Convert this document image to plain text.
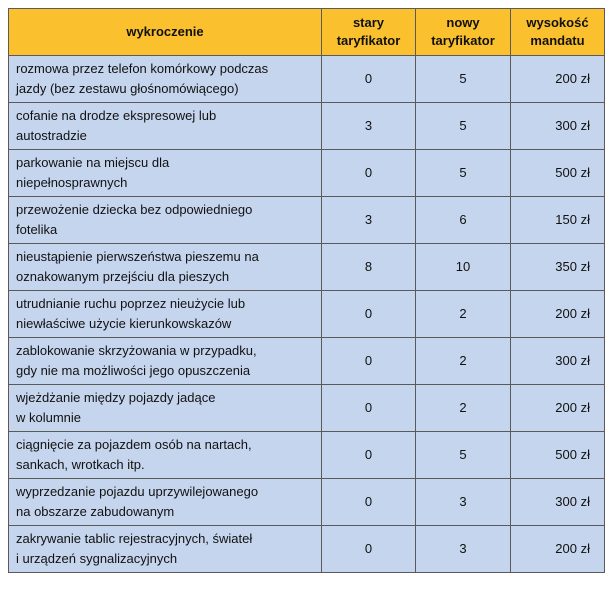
wykroczenie	stary taryfikator	nowy taryfikator	wysokość mandatu
rozmowa przez telefon komórkowy podczas
jazdy (bez zestawu głośnomówiącego)	0	5	200 zł
cofanie na drodze ekspresowej lub
autostradzie	3	5	300 zł
parkowanie na miejscu dla
niepełnosprawnych	0	5	500 zł
przewożenie dziecka bez odpowiedniego
fotelika	3	6	150 zł
nieustąpienie pierwszeństwa pieszemu na
oznakowanym przejściu dla pieszych	8	10	350 zł
utrudnianie ruchu poprzez nieużycie lub
niewłaściwe użycie kierunkowskazów	0	2	200 zł
zablokowanie skrzyżowania w przypadku,
gdy nie ma możliwości jego opuszczenia	0	2	300 zł
wjeżdżanie między pojazdy jadące
w kolumnie	0	2	200 zł
ciągnięcie za pojazdem osób na nartach,
sankach, wrotkach itp.	0	5	500 zł
wyprzedzanie pojazdu uprzywilejowanego
na obszarze zabudowanym	0	3	300 zł
zakrywanie tablic rejestracyjnych, świateł
i urządzeń sygnalizacyjnych	0	3	200 zł
